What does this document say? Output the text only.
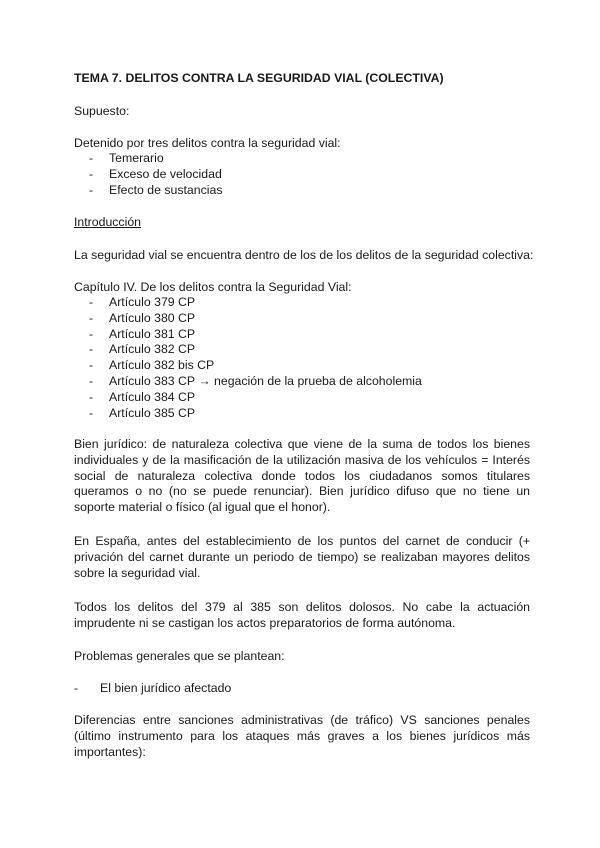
TEMA 7. DELITOS CONTRA LA SEGURIDAD VIAL (COLECTIVA)
Supuesto:
Detenido por tres delitos contra la seguridad vial:
- Temerario
- Exceso de velocidad
- Efecto de sustancias
Introducción
La seguridad vial se encuentra dentro de los de los delitos de la seguridad colectiva:
Capítulo IV. De los delitos contra la Seguridad Vial:
- Artículo 379 CP
- Artículo 380 CP
- Artículo 381 CP
- Artículo 382 CP
- Artículo 382 bis CP
- Artículo 383 CP → negación de la prueba de alcoholemia
- Artículo 384 CP
- Artículo 385 CP

Bien jurídico: de naturaleza colectiva que viene de la suma de todos los bienes individuales y de la masificación de la utilización masiva de los vehículos = Interés social de naturaleza colectiva donde todos los ciudadanos somos titulares queramos o no (no se puede renunciar). Bien jurídico difuso que no tiene un soporte material o físico (al igual que el honor).

En España, antes del establecimiento de los puntos del carnet de conducir (+ privación del carnet durante un periodo de tiempo) se realizaban mayores delitos sobre la seguridad vial.

Todos los delitos del 379 al 385 son delitos dolosos. No cabe la actuación imprudente ni se castigan los actos preparatorios de forma autónoma.

Problemas generales que se plantean:
- El bien jurídico afectado

Diferencias entre sanciones administrativas (de tráfico) VS sanciones penales (último instrumento para los ataques más graves a los bienes jurídicos más importantes):
